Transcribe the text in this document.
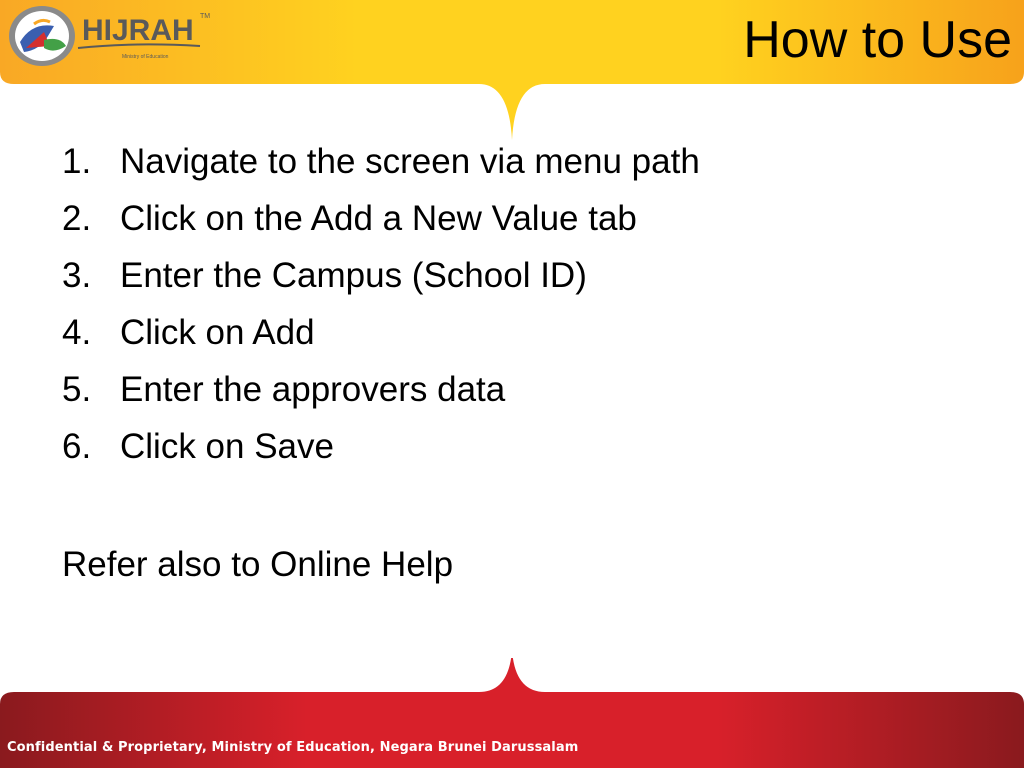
HIJRAH TM
Ministry of Education	How to Use
1. Navigate to the screen via menu path
2. Click on the Add a New Value tab
3. Enter the Campus (School ID)
4. Click on Add
5. Enter the approvers data
6. Click on Save
Refer also to Online Help
Confidential & Proprietary, Ministry of Education, Negara Brunei Darussalam
